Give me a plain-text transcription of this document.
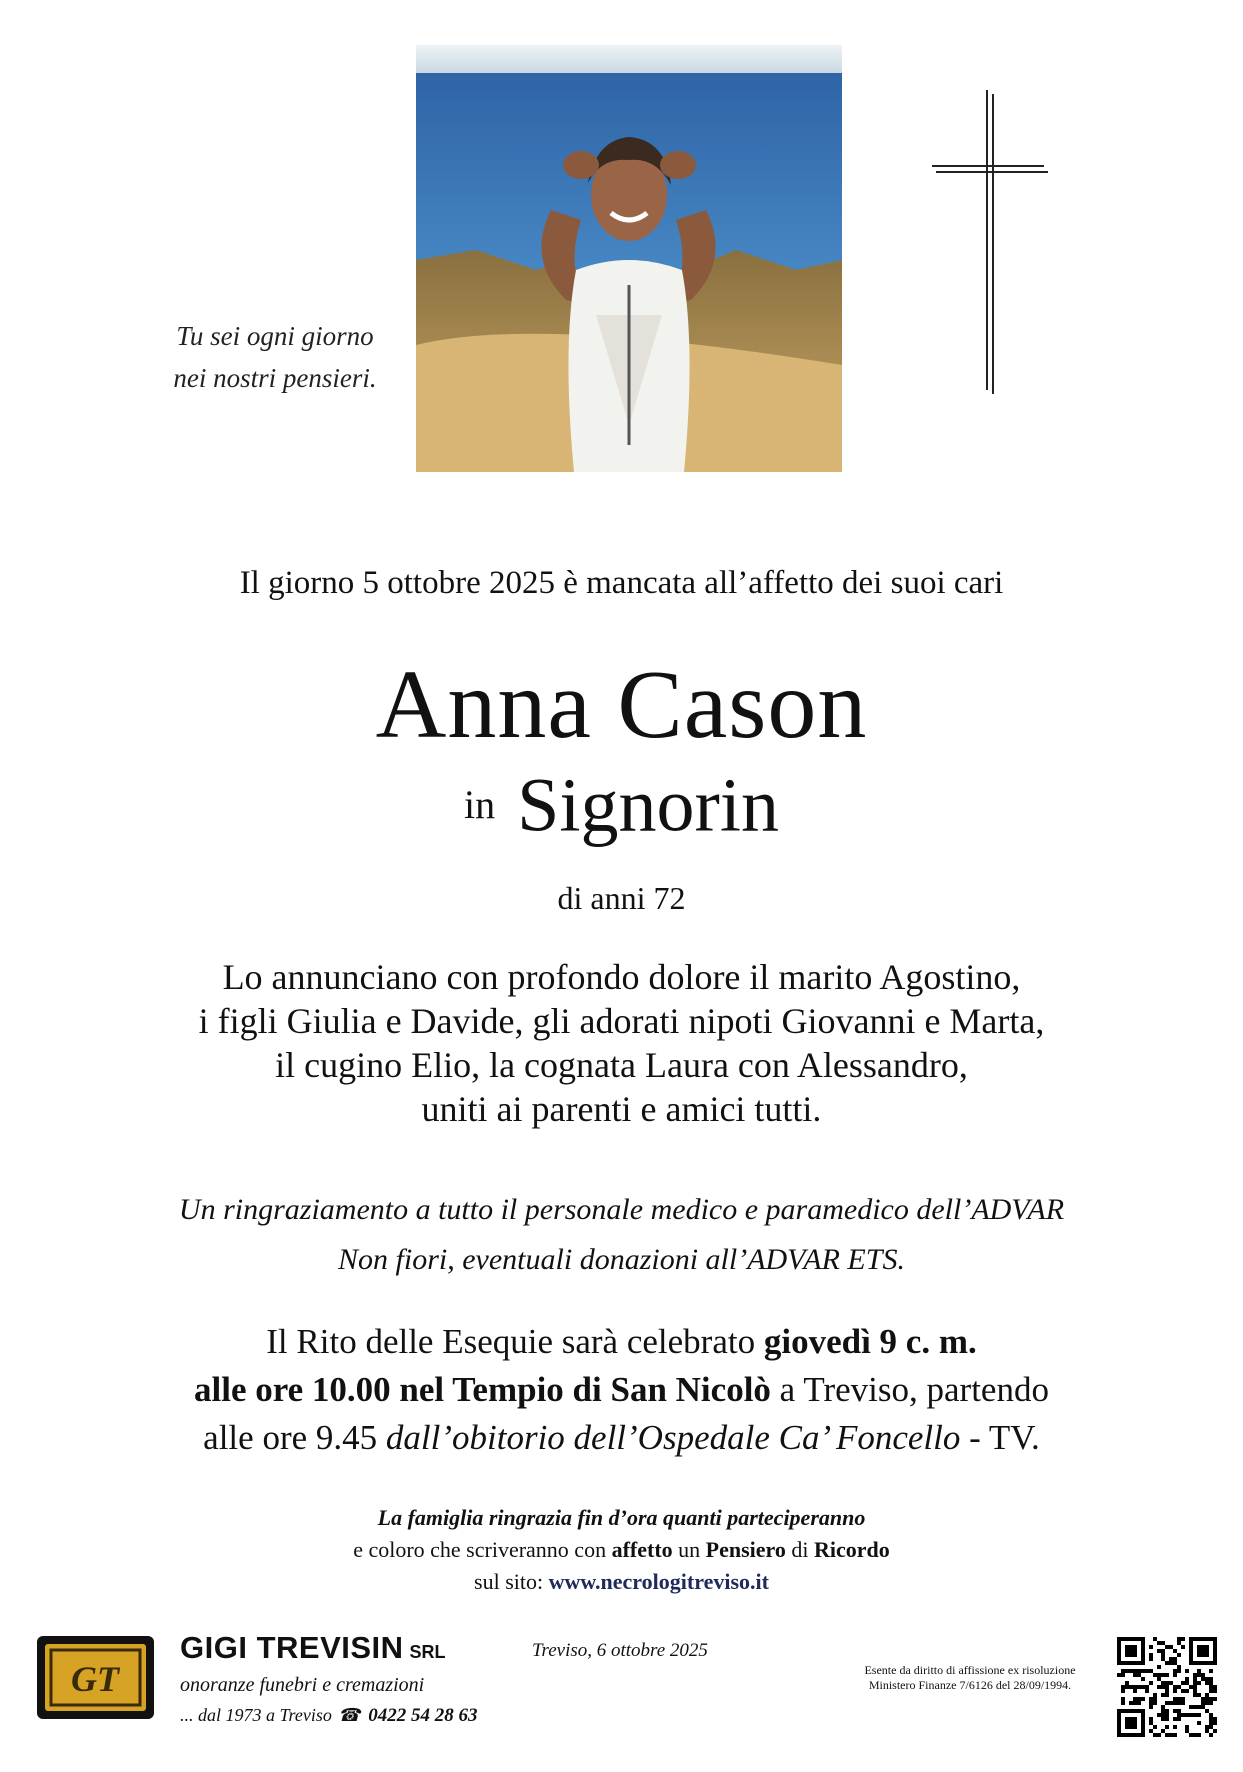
Tu sei ogni giorno
nei nostri pensieri.
Il giorno 5 ottobre 2025 è mancata all’affetto dei suoi cari
Anna Cason
in Signorin
di anni 72
Lo annunciano con profondo dolore il marito Agostino,
i figli Giulia e Davide, gli adorati nipoti Giovanni e Marta,
il cugino Elio, la cognata Laura con Alessandro,
uniti ai parenti e amici tutti.
Un ringraziamento a tutto il personale medico e paramedico dell’ADVAR
Non fiori, eventuali donazioni all’ADVAR ETS.
Il Rito delle Esequie sarà celebrato giovedì 9 c. m.
alle ore 10.00 nel Tempio di San Nicolò a Treviso, partendo
alle ore 9.45 dall’obitorio dell’Ospedale Ca’ Foncello - TV.
La famiglia ringrazia fin d’ora quanti parteciperanno
e coloro che scriveranno con affetto un Pensiero di Ricordo
sul sito: www.necrologitreviso.it
GT
GIGI TREVISIN SRL
onoranze funebri e cremazioni
... dal 1973 a Treviso ☎ 0422 54 28 63
Treviso, 6 ottobre 2025
Esente da diritto di affissione ex risoluzione
Ministero Finanze 7/6126 del 28/09/1994.
